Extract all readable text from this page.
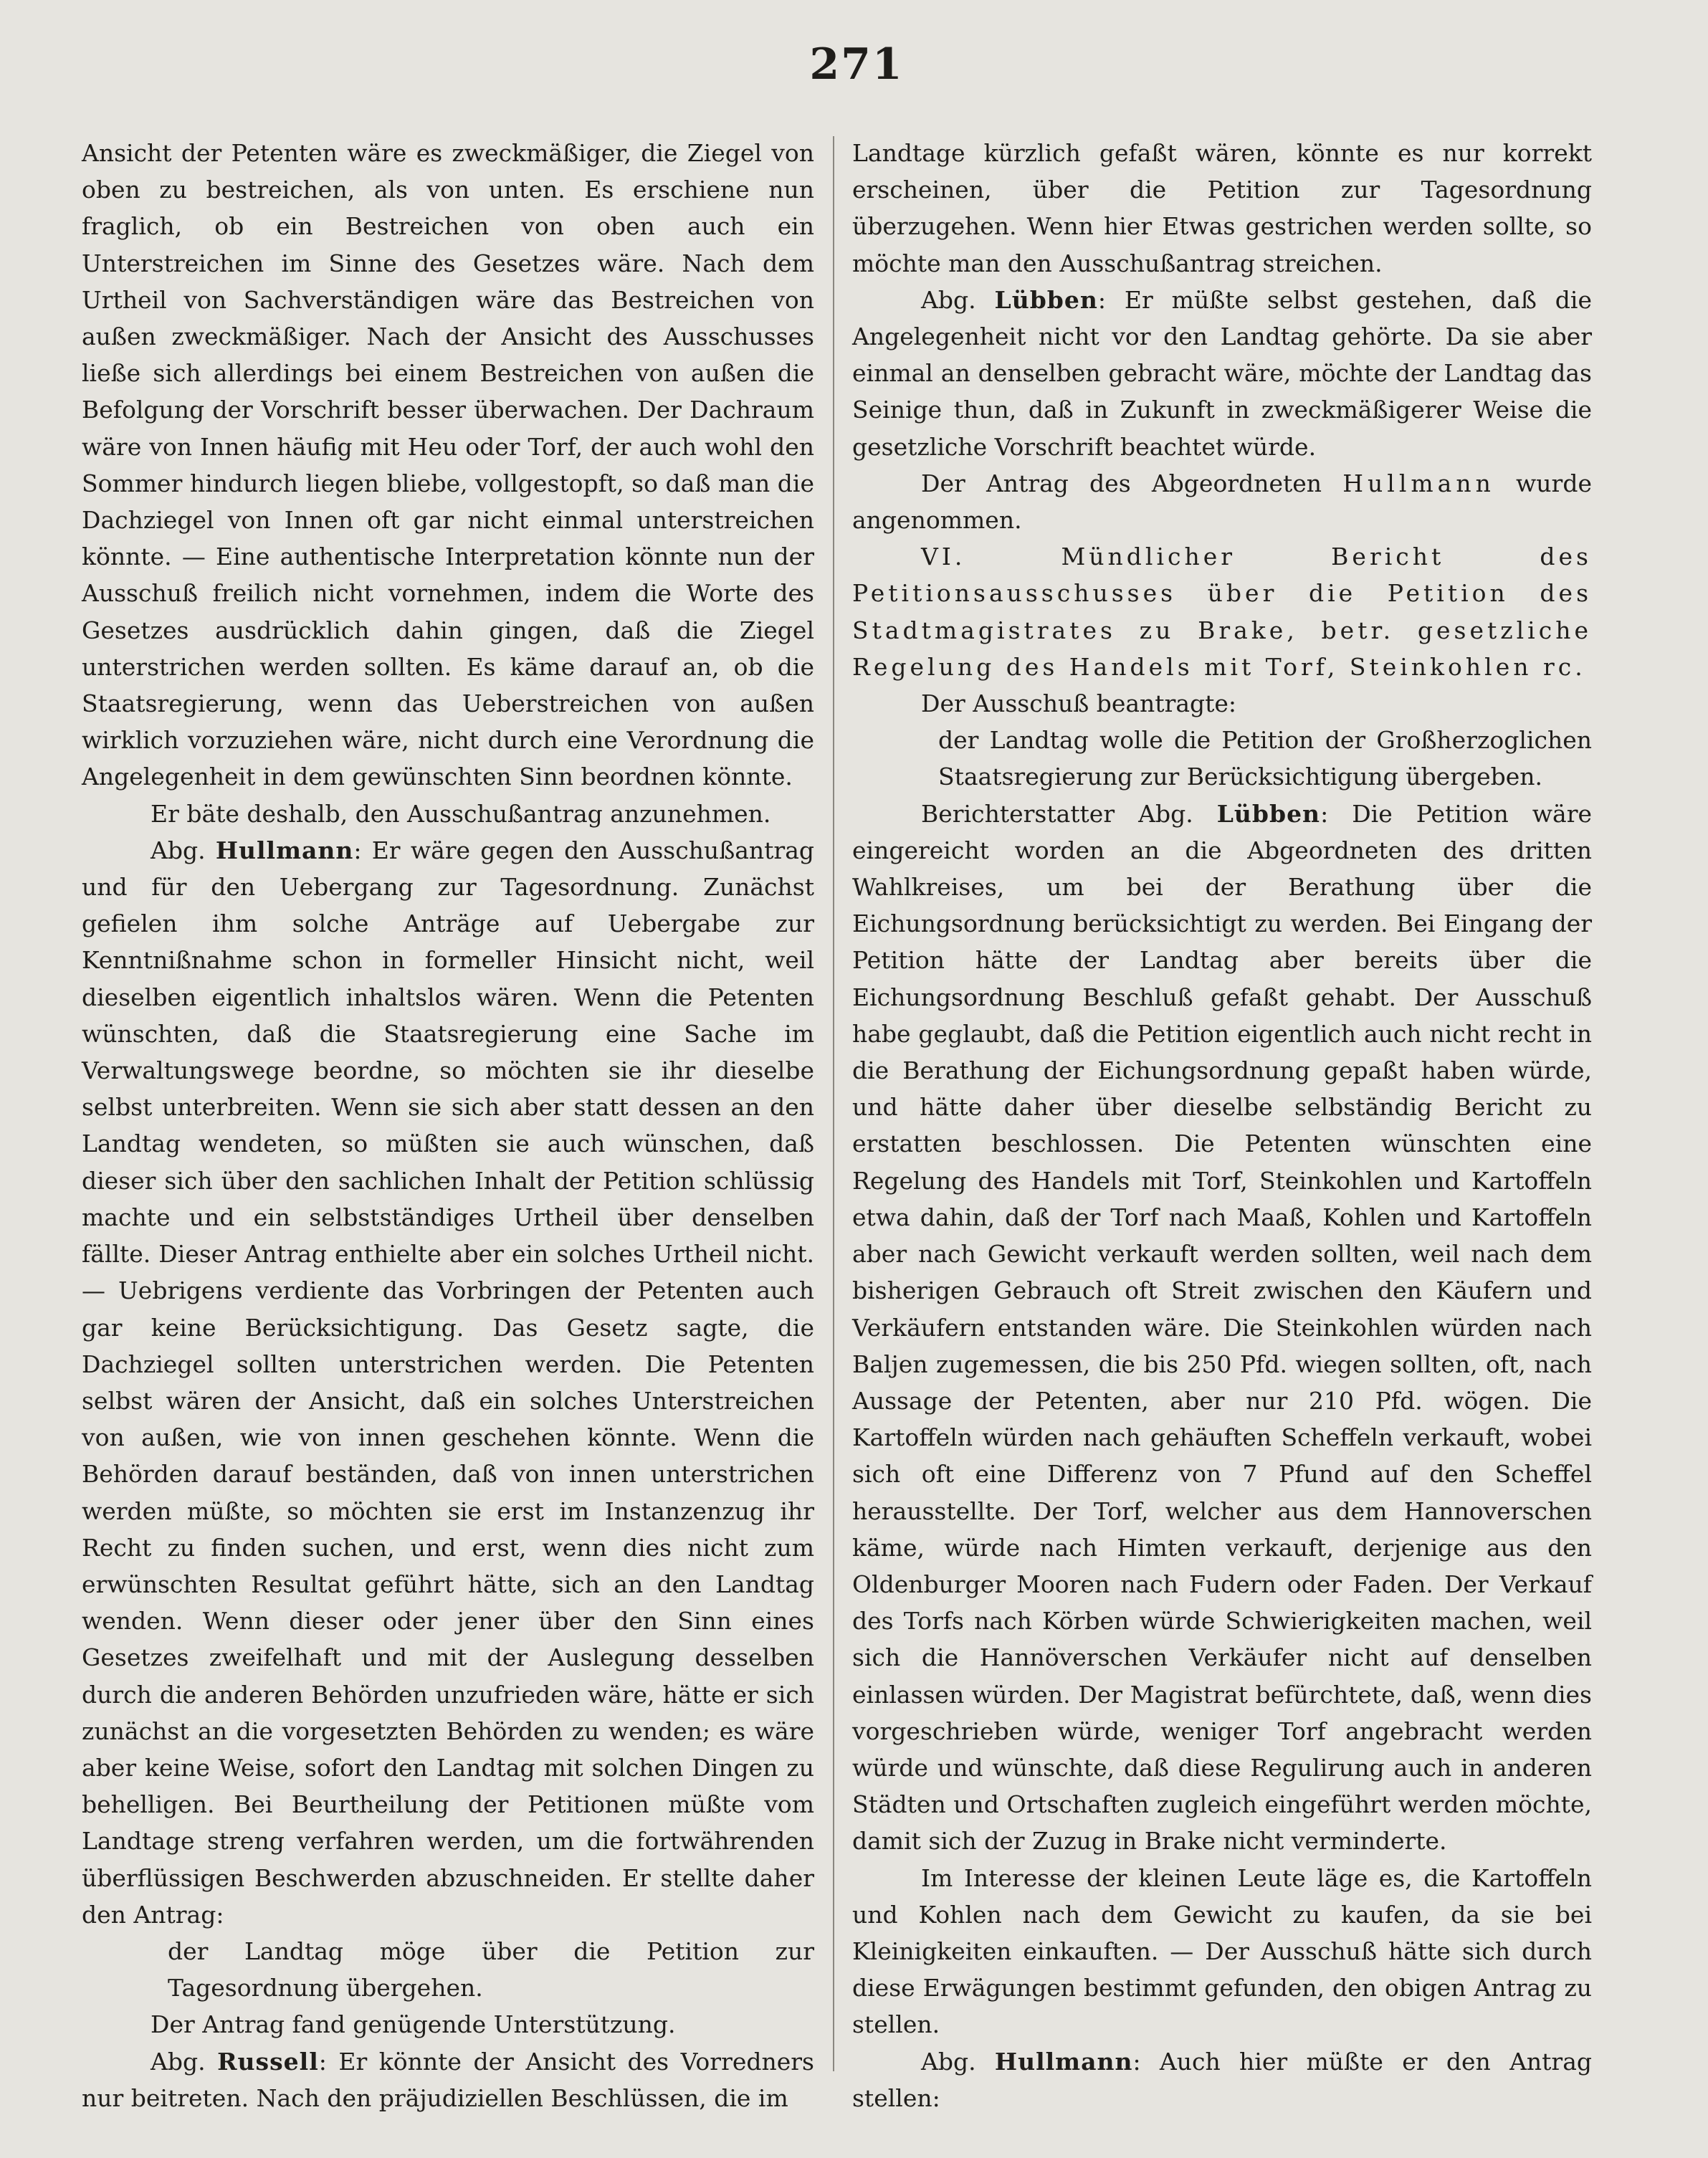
271

Ansicht der Petenten wäre es zweckmäßiger, die Ziegel von oben zu bestreichen, als von unten. Es erschiene nun fraglich, ob ein Bestreichen von oben auch ein Unterstreichen im Sinne des Gesetzes wäre. Nach dem Urtheil von Sachverständigen wäre das Bestreichen von außen zweckmäßiger. Nach der Ansicht des Ausschusses ließe sich allerdings bei einem Bestreichen von außen die Befolgung der Vorschrift besser überwachen. Der Dachraum wäre von Innen häufig mit Heu oder Torf, der auch wohl den Sommer hindurch liegen bliebe, vollgestopft, so daß man die Dachziegel von Innen oft gar nicht einmal unterstreichen könnte. — Eine authentische Interpretation könnte nun der Ausschuß freilich nicht vornehmen, indem die Worte des Gesetzes ausdrücklich dahin gingen, daß die Ziegel unterstrichen werden sollten. Es käme darauf an, ob die Staatsregierung, wenn das Ueberstreichen von außen wirklich vorzuziehen wäre, nicht durch eine Verordnung die Angelegenheit in dem gewünschten Sinn beordnen könnte.

Er bäte deshalb, den Ausschußantrag anzunehmen.

Abg. Hullmann: Er wäre gegen den Ausschußantrag und für den Uebergang zur Tagesordnung. Zunächst gefielen ihm solche Anträge auf Uebergabe zur Kenntnißnahme schon in formeller Hinsicht nicht, weil dieselben eigentlich inhaltslos wären. Wenn die Petenten wünschten, daß die Staatsregierung eine Sache im Verwaltungswege beordne, so möchten sie ihr dieselbe selbst unterbreiten. Wenn sie sich aber statt dessen an den Landtag wendeten, so müßten sie auch wünschen, daß dieser sich über den sachlichen Inhalt der Petition schlüssig machte und ein selbstständiges Urtheil über denselben fällte. Dieser Antrag enthielte aber ein solches Urtheil nicht. — Uebrigens verdiente das Vorbringen der Petenten auch gar keine Berücksichtigung. Das Gesetz sagte, die Dachziegel sollten unterstrichen werden. Die Petenten selbst wären der Ansicht, daß ein solches Unterstreichen von außen, wie von innen geschehen könnte. Wenn die Behörden darauf beständen, daß von innen unterstrichen werden müßte, so möchten sie erst im Instanzenzug ihr Recht zu finden suchen, und erst, wenn dies nicht zum erwünschten Resultat geführt hätte, sich an den Landtag wenden. Wenn dieser oder jener über den Sinn eines Gesetzes zweifelhaft und mit der Auslegung desselben durch die anderen Behörden unzufrieden wäre, hätte er sich zunächst an die vorgesetzten Behörden zu wenden; es wäre aber keine Weise, sofort den Landtag mit solchen Dingen zu behelligen. Bei Beurtheilung der Petitionen müßte vom Landtage streng verfahren werden, um die fortwährenden überflüssigen Beschwerden abzuschneiden. Er stellte daher den Antrag:

der Landtag möge über die Petition zur Tagesordnung übergehen.

Der Antrag fand genügende Unterstützung.

Abg. Russell: Er könnte der Ansicht des Vorredners nur beitreten. Nach den präjudiziellen Beschlüssen, die im

Landtage kürzlich gefaßt wären, könnte es nur korrekt erscheinen, über die Petition zur Tagesordnung überzugehen. Wenn hier Etwas gestrichen werden sollte, so möchte man den Ausschußantrag streichen.

Abg. Lübben: Er müßte selbst gestehen, daß die Angelegenheit nicht vor den Landtag gehörte. Da sie aber einmal an denselben gebracht wäre, möchte der Landtag das Seinige thun, daß in Zukunft in zweckmäßigerer Weise die gesetzliche Vorschrift beachtet würde.

Der Antrag des Abgeordneten Hullmann wurde angenommen.

VI. Mündlicher Bericht des Petitionsausschusses über die Petition des Stadtmagistrates zu Brake, betr. gesetzliche Regelung des Handels mit Torf, Steinkohlen rc.

Der Ausschuß beantragte:

der Landtag wolle die Petition der Großherzoglichen Staatsregierung zur Berücksichtigung übergeben.

Berichterstatter Abg. Lübben: Die Petition wäre eingereicht worden an die Abgeordneten des dritten Wahlkreises, um bei der Berathung über die Eichungsordnung berücksichtigt zu werden. Bei Eingang der Petition hätte der Landtag aber bereits über die Eichungsordnung Beschluß gefaßt gehabt. Der Ausschuß habe geglaubt, daß die Petition eigentlich auch nicht recht in die Berathung der Eichungsordnung gepaßt haben würde, und hätte daher über dieselbe selbständig Bericht zu erstatten beschlossen. Die Petenten wünschten eine Regelung des Handels mit Torf, Steinkohlen und Kartoffeln etwa dahin, daß der Torf nach Maaß, Kohlen und Kartoffeln aber nach Gewicht verkauft werden sollten, weil nach dem bisherigen Gebrauch oft Streit zwischen den Käufern und Verkäufern entstanden wäre. Die Steinkohlen würden nach Baljen zugemessen, die bis 250 Pfd. wiegen sollten, oft, nach Aussage der Petenten, aber nur 210 Pfd. wögen. Die Kartoffeln würden nach gehäuften Scheffeln verkauft, wobei sich oft eine Differenz von 7 Pfund auf den Scheffel herausstellte. Der Torf, welcher aus dem Hannoverschen käme, würde nach Himten verkauft, derjenige aus den Oldenburger Mooren nach Fudern oder Faden. Der Verkauf des Torfs nach Körben würde Schwierigkeiten machen, weil sich die Hannöverschen Verkäufer nicht auf denselben einlassen würden. Der Magistrat befürchtete, daß, wenn dies vorgeschrieben würde, weniger Torf angebracht werden würde und wünschte, daß diese Regulirung auch in anderen Städten und Ortschaften zugleich eingeführt werden möchte, damit sich der Zuzug in Brake nicht verminderte.

Im Interesse der kleinen Leute läge es, die Kartoffeln und Kohlen nach dem Gewicht zu kaufen, da sie bei Kleinigkeiten einkauften. — Der Ausschuß hätte sich durch diese Erwägungen bestimmt gefunden, den obigen Antrag zu stellen.

Abg. Hullmann: Auch hier müßte er den Antrag stellen:
